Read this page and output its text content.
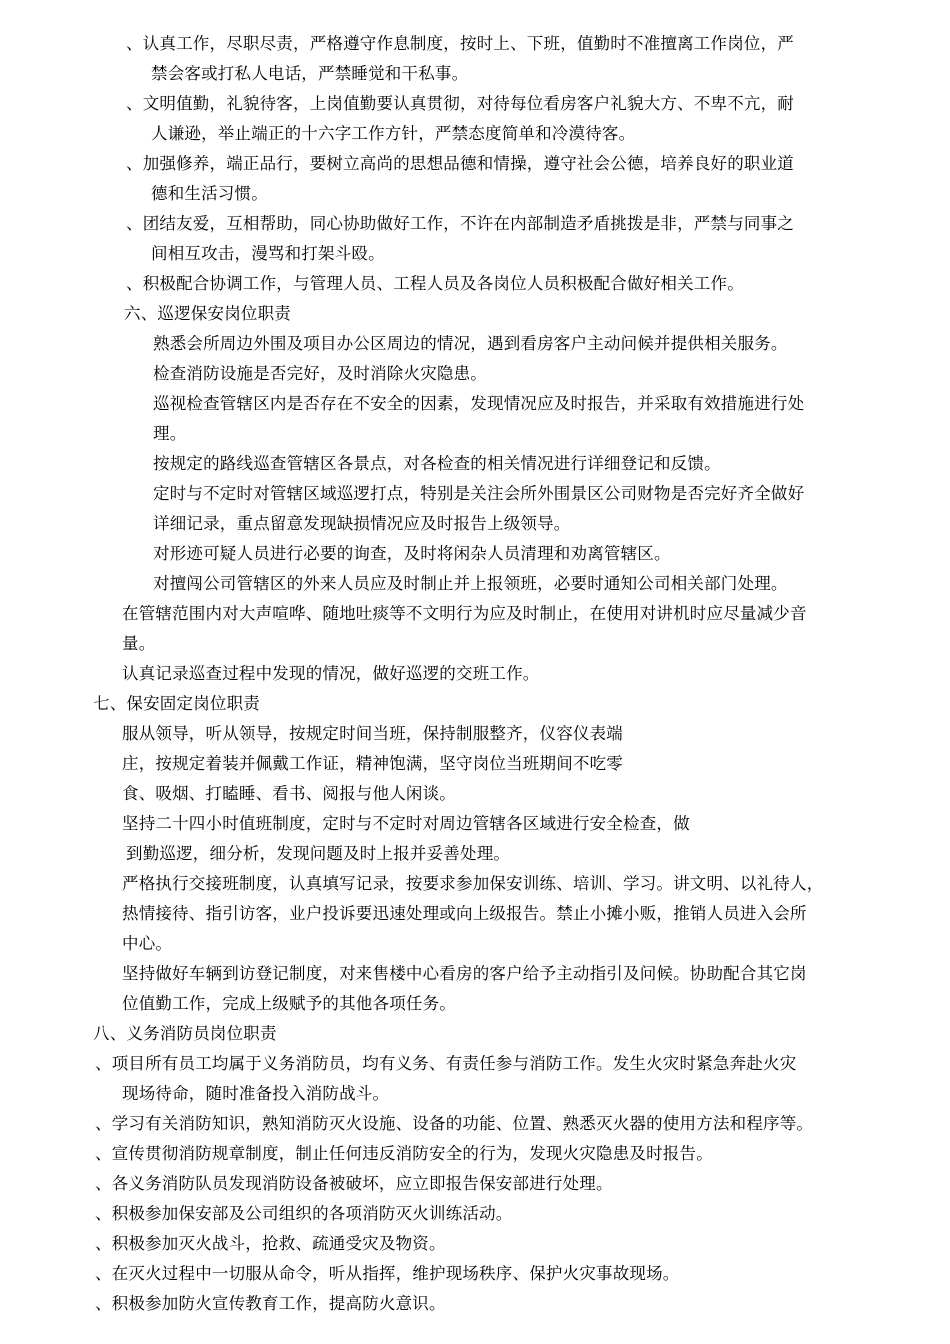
、认真工作，尽职尽责，严格遵守作息制度，按时上、下班，值勤时不准擅离工作岗位，严
禁会客或打私人电话，严禁睡觉和干私事。
、文明值勤，礼貌待客，上岗值勤要认真贯彻，对待每位看房客户礼貌大方、不卑不亢，耐
人谦逊，举止端正的十六字工作方针，严禁态度简单和冷漠待客。
、加强修养，端正品行，要树立高尚的思想品德和情操，遵守社会公德，培养良好的职业道
德和生活习惯。
、团结友爱，互相帮助，同心协助做好工作，不许在内部制造矛盾挑拨是非，严禁与同事之
间相互攻击，漫骂和打架斗殴。
、积极配合协调工作，与管理人员、工程人员及各岗位人员积极配合做好相关工作。
六、巡逻保安岗位职责
熟悉会所周边外围及项目办公区周边的情况，遇到看房客户主动问候并提供相关服务。
检查消防设施是否完好，及时消除火灾隐患。
巡视检查管辖区内是否存在不安全的因素，发现情况应及时报告，并采取有效措施进行处
理。
按规定的路线巡查管辖区各景点，对各检查的相关情况进行详细登记和反馈。
定时与不定时对管辖区域巡逻打点，特别是关注会所外围景区公司财物是否完好齐全做好
详细记录，重点留意发现缺损情况应及时报告上级领导。
对形迹可疑人员进行必要的询查，及时将闲杂人员清理和劝离管辖区。
对擅闯公司管辖区的外来人员应及时制止并上报领班，必要时通知公司相关部门处理。
在管辖范围内对大声喧哗、随地吐痰等不文明行为应及时制止，在使用对讲机时应尽量减少音
量。
认真记录巡查过程中发现的情况，做好巡逻的交班工作。
七、保安固定岗位职责
服从领导，听从领导，按规定时间当班，保持制服整齐，仪容仪表端
庄，按规定着装并佩戴工作证，精神饱满，坚守岗位当班期间不吃零
食、吸烟、打瞌睡、看书、阅报与他人闲谈。
坚持二十四小时值班制度，定时与不定时对周边管辖各区域进行安全检查，做
到勤巡逻，细分析，发现问题及时上报并妥善处理。
严格执行交接班制度，认真填写记录，按要求参加保安训练、培训、学习。讲文明、以礼待人，
热情接待、指引访客，业户投诉要迅速处理或向上级报告。禁止小摊小贩，推销人员进入会所
中心。
坚持做好车辆到访登记制度，对来售楼中心看房的客户给予主动指引及问候。协助配合其它岗
位值勤工作，完成上级赋予的其他各项任务。
八、义务消防员岗位职责
、项目所有员工均属于义务消防员，均有义务、有责任参与消防工作。发生火灾时紧急奔赴火灾
现场待命，随时准备投入消防战斗。
、学习有关消防知识，熟知消防灭火设施、设备的功能、位置、熟悉灭火器的使用方法和程序等。
、宣传贯彻消防规章制度，制止任何违反消防安全的行为，发现火灾隐患及时报告。
、各义务消防队员发现消防设备被破坏，应立即报告保安部进行处理。
、积极参加保安部及公司组织的各项消防灭火训练活动。
、积极参加灭火战斗，抢救、疏通受灾及物资。
、在灭火过程中一切服从命令，听从指挥，维护现场秩序、保护火灾事故现场。
、积极参加防火宣传教育工作，提高防火意识。
